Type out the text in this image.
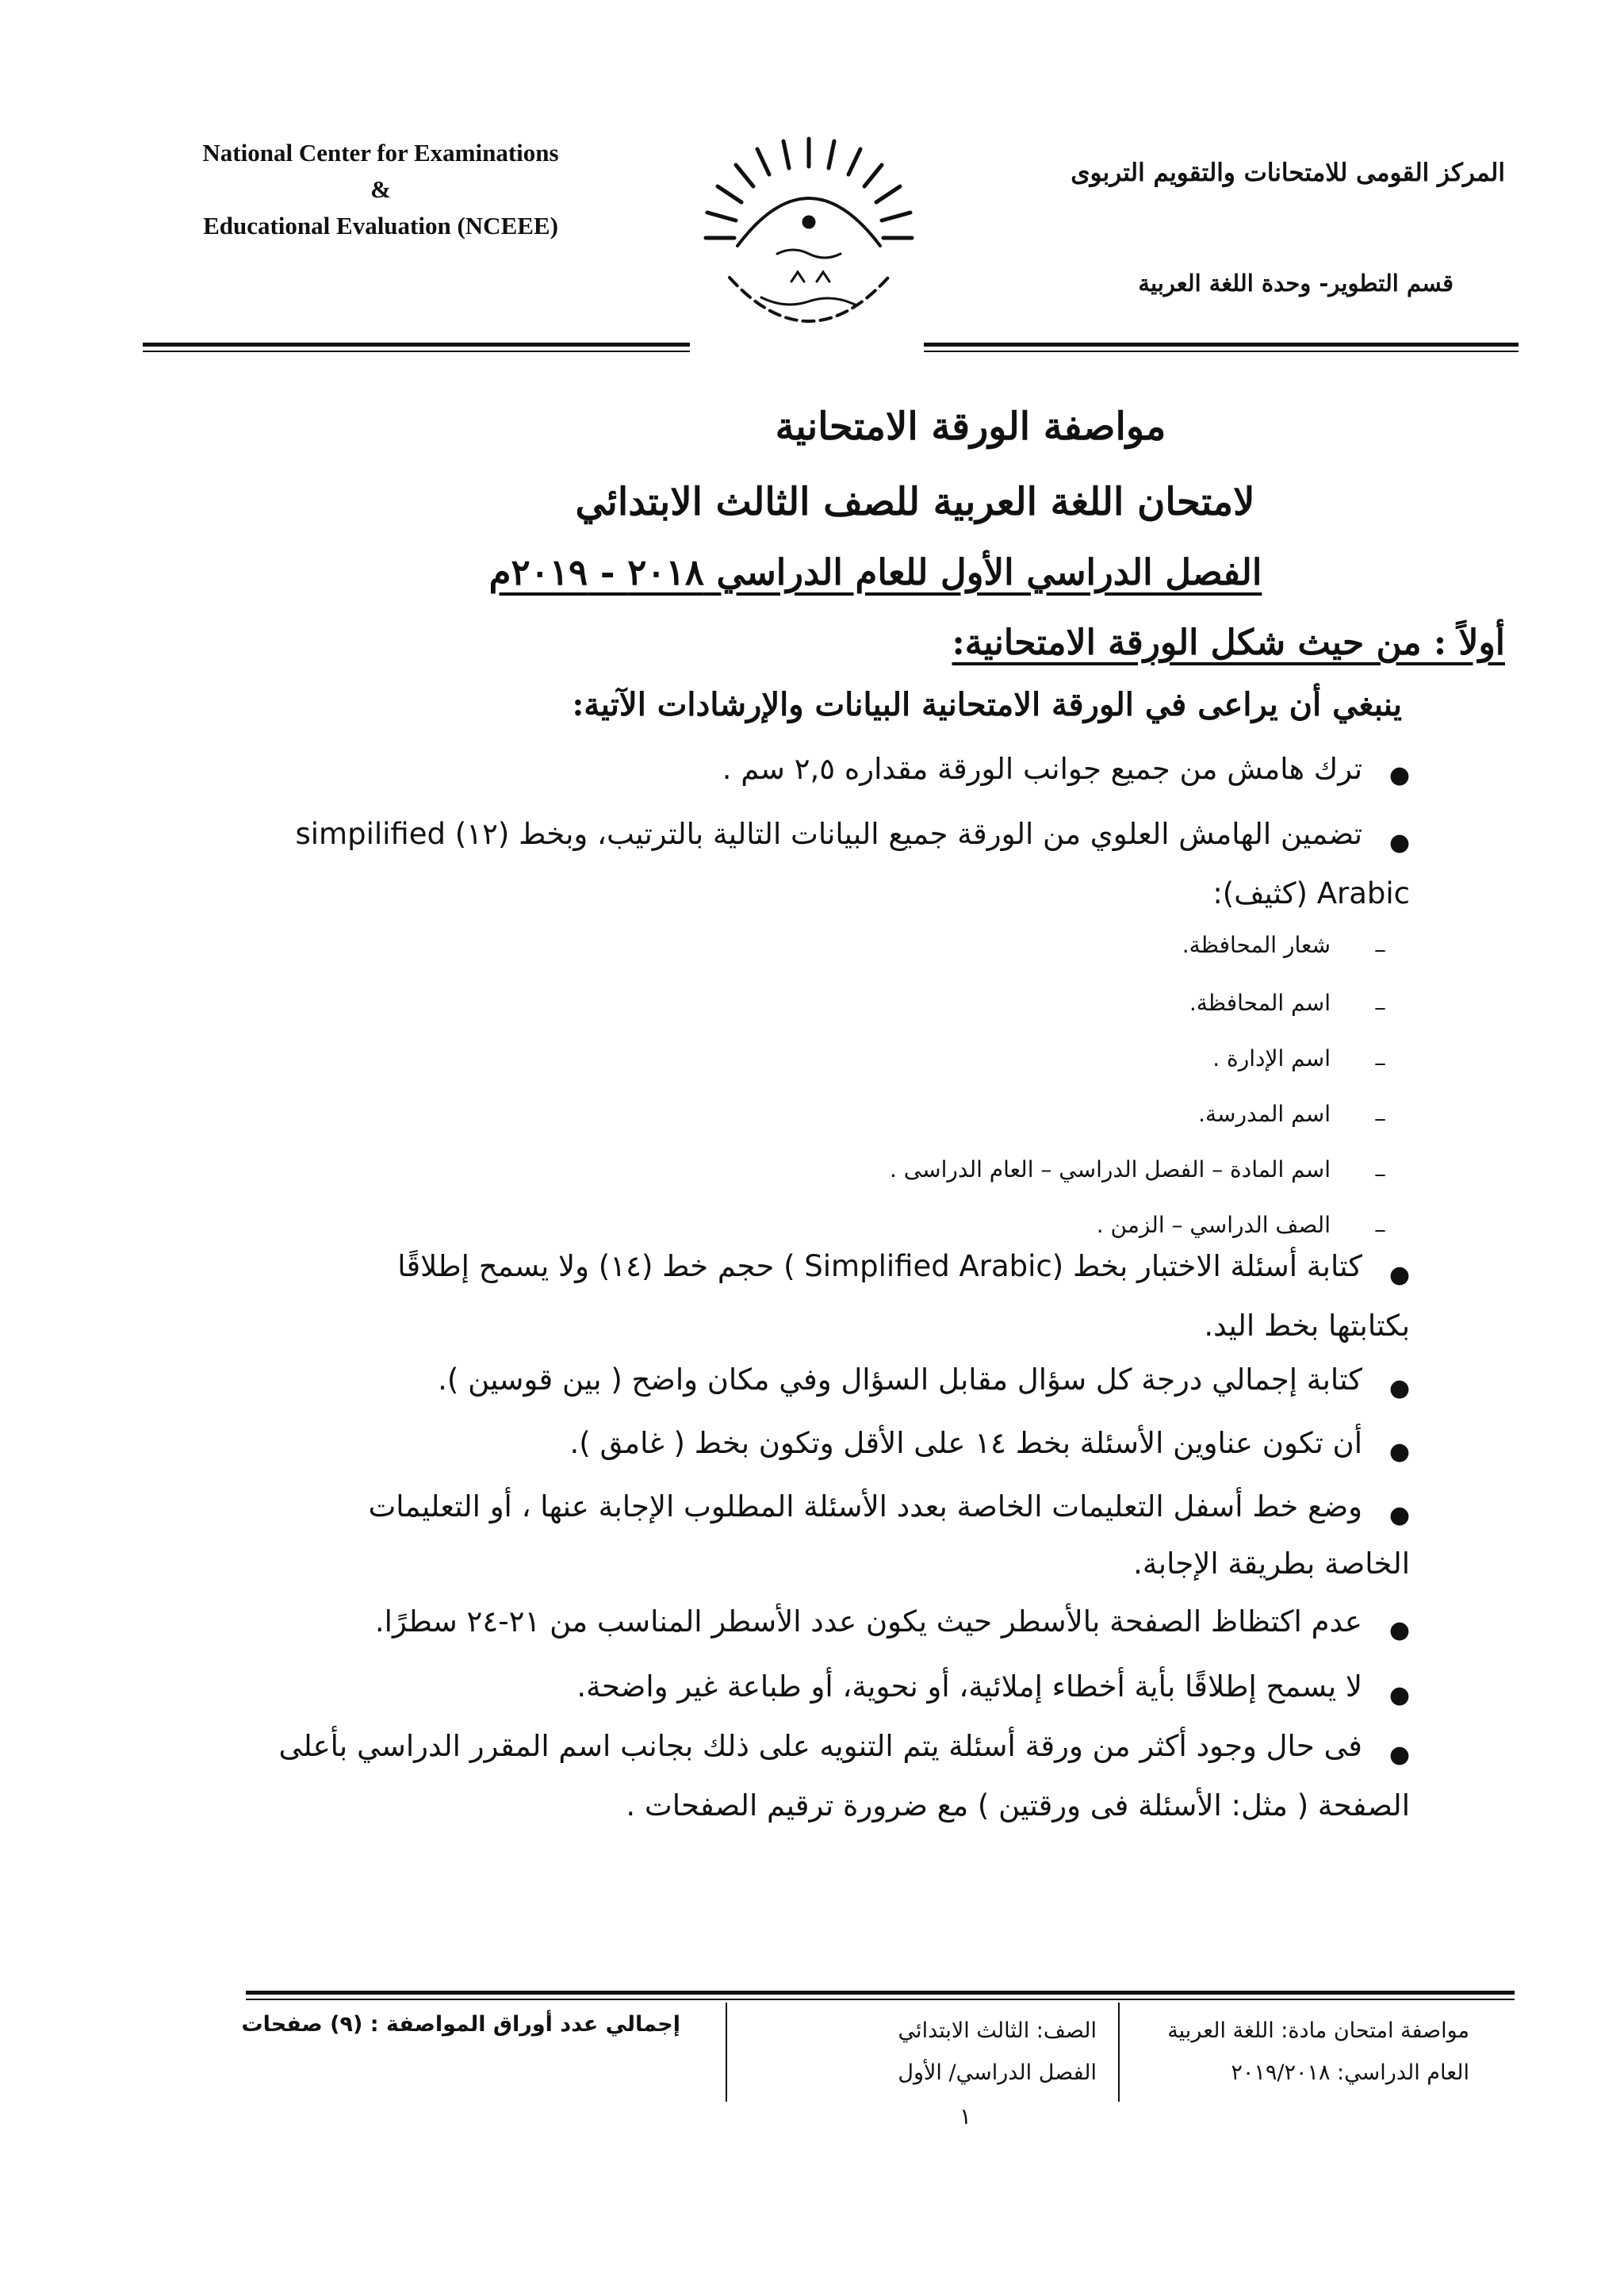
National Center for Examinations
&
Educational Evaluation (NCEEE)
المركز القومى للامتحانات والتقويم التربوى
قسم التطوير- وحدة اللغة العربية
مواصفة الورقة الامتحانية
لامتحان اللغة العربية للصف الثالث الابتدائي
الفصل الدراسي الأول للعام الدراسي ٢٠١٨ - ٢٠١٩م
أولاً : من حيث شكل الورقة الامتحانية:
ينبغي أن يراعى في الورقة الامتحانية البيانات والإرشادات الآتية:
●
ترك هامش من جميع جوانب الورقة مقداره ٢,٥ سم .
●
تضمين الهامش العلوي من الورقة جميع البيانات التالية بالترتيب، وبخط (١٢) simpilified
Arabic (كثيف):
–
شعار المحافظة.
–
اسم المحافظة.
–
اسم الإدارة .
–
اسم المدرسة.
–
اسم المادة – الفصل الدراسي – العام الدراسى .
–
الصف الدراسي – الزمن .
●
كتابة أسئلة الاختبار بخط (Simplified Arabic ) حجم خط (١٤) ولا يسمح إطلاقًا
بكتابتها بخط اليد.
●
كتابة إجمالي درجة كل سؤال مقابل السؤال وفي مكان واضح ( بين قوسين ).
●
أن تكون عناوين الأسئلة بخط ١٤ على الأقل وتكون بخط ( غامق ).
●
وضع خط أسفل التعليمات الخاصة بعدد الأسئلة المطلوب الإجابة عنها ، أو التعليمات
الخاصة بطريقة الإجابة.
●
عدم اكتظاظ الصفحة بالأسطر حيث يكون عدد الأسطر المناسب من ٢١-٢٤ سطرًا.
●
لا يسمح إطلاقًا بأية أخطاء إملائية، أو نحوية، أو طباعة غير واضحة.
●
فى حال وجود أكثر من ورقة أسئلة يتم التنويه على ذلك بجانب اسم المقرر الدراسي بأعلى
الصفحة ( مثل: الأسئلة فى ورقتين ) مع ضرورة ترقيم الصفحات .
مواصفة امتحان مادة: اللغة العربية
العام الدراسي: ٢٠١٩/٢٠١٨
الصف: الثالث الابتدائي
الفصل الدراسي/ الأول
إجمالي عدد أوراق المواصفة : (٩) صفحات
١
